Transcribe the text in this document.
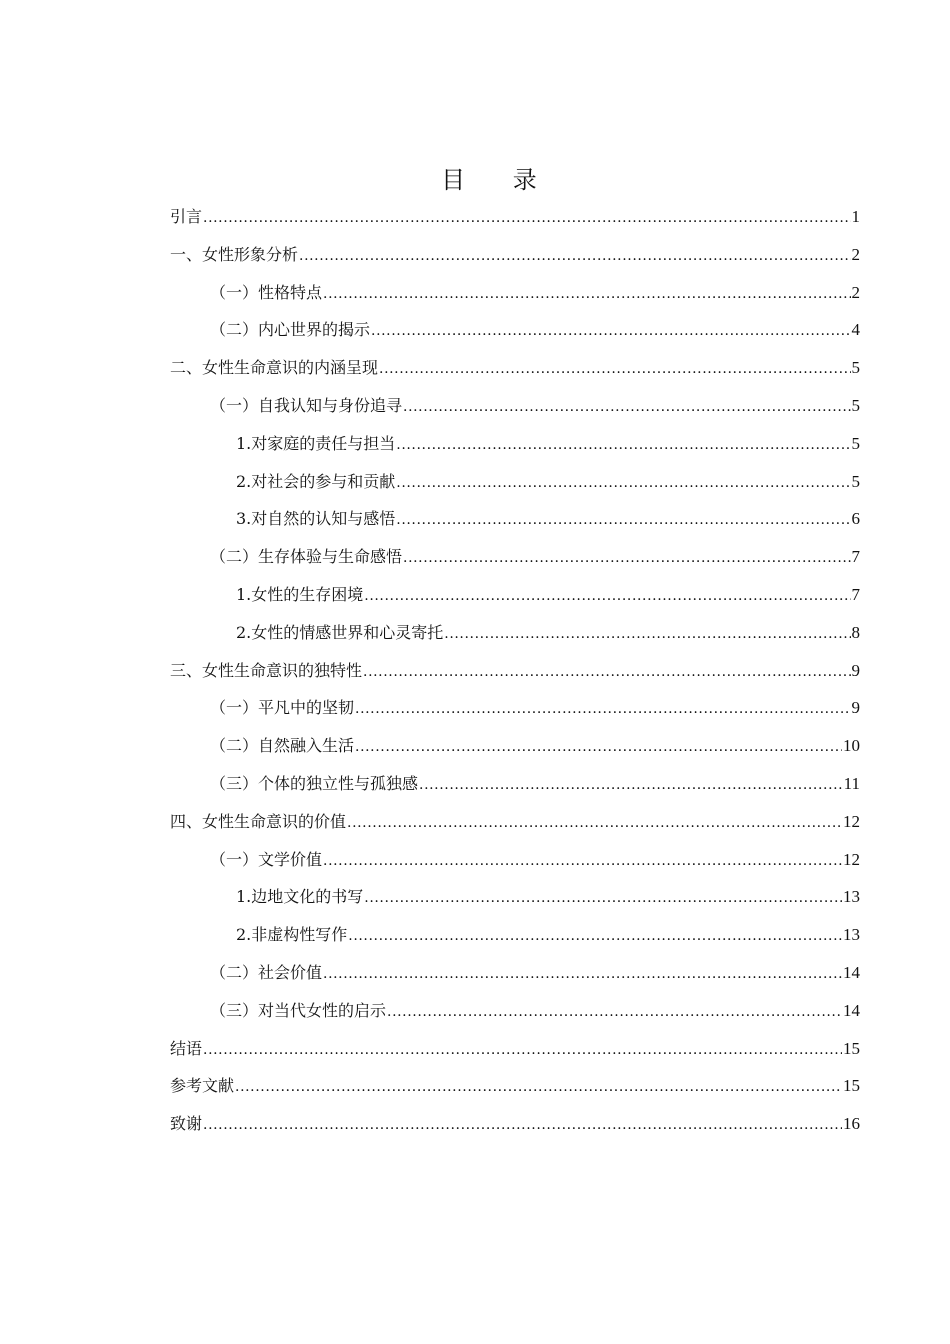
目 录
引言 .....	1
一、女性形象分析 .....	2
（一）性格特点 .....	2
（二）内心世界的揭示 .....	4
二、女性生命意识的内涵呈现 .....	5
（一）自我认知与身份追寻 .....	5
1.对家庭的责任与担当 .....	5
2.对社会的参与和贡献 .....	5
3.对自然的认知与感悟 .....	6
（二）生存体验与生命感悟 .....	7
1.女性的生存困境 .....	7
2.女性的情感世界和心灵寄托 .....	8
三、女性生命意识的独特性 .....	9
（一）平凡中的坚韧 .....	9
（二）自然融入生活 .....	10
（三）个体的独立性与孤独感 .....	11
四、女性生命意识的价值 .....	12
（一）文学价值 .....	12
1.边地文化的书写 .....	13
2.非虚构性写作 .....	13
（二）社会价值 .....	14
（三）对当代女性的启示 .....	14
结语 .....	15
参考文献 .....	15
致谢 .....	16
